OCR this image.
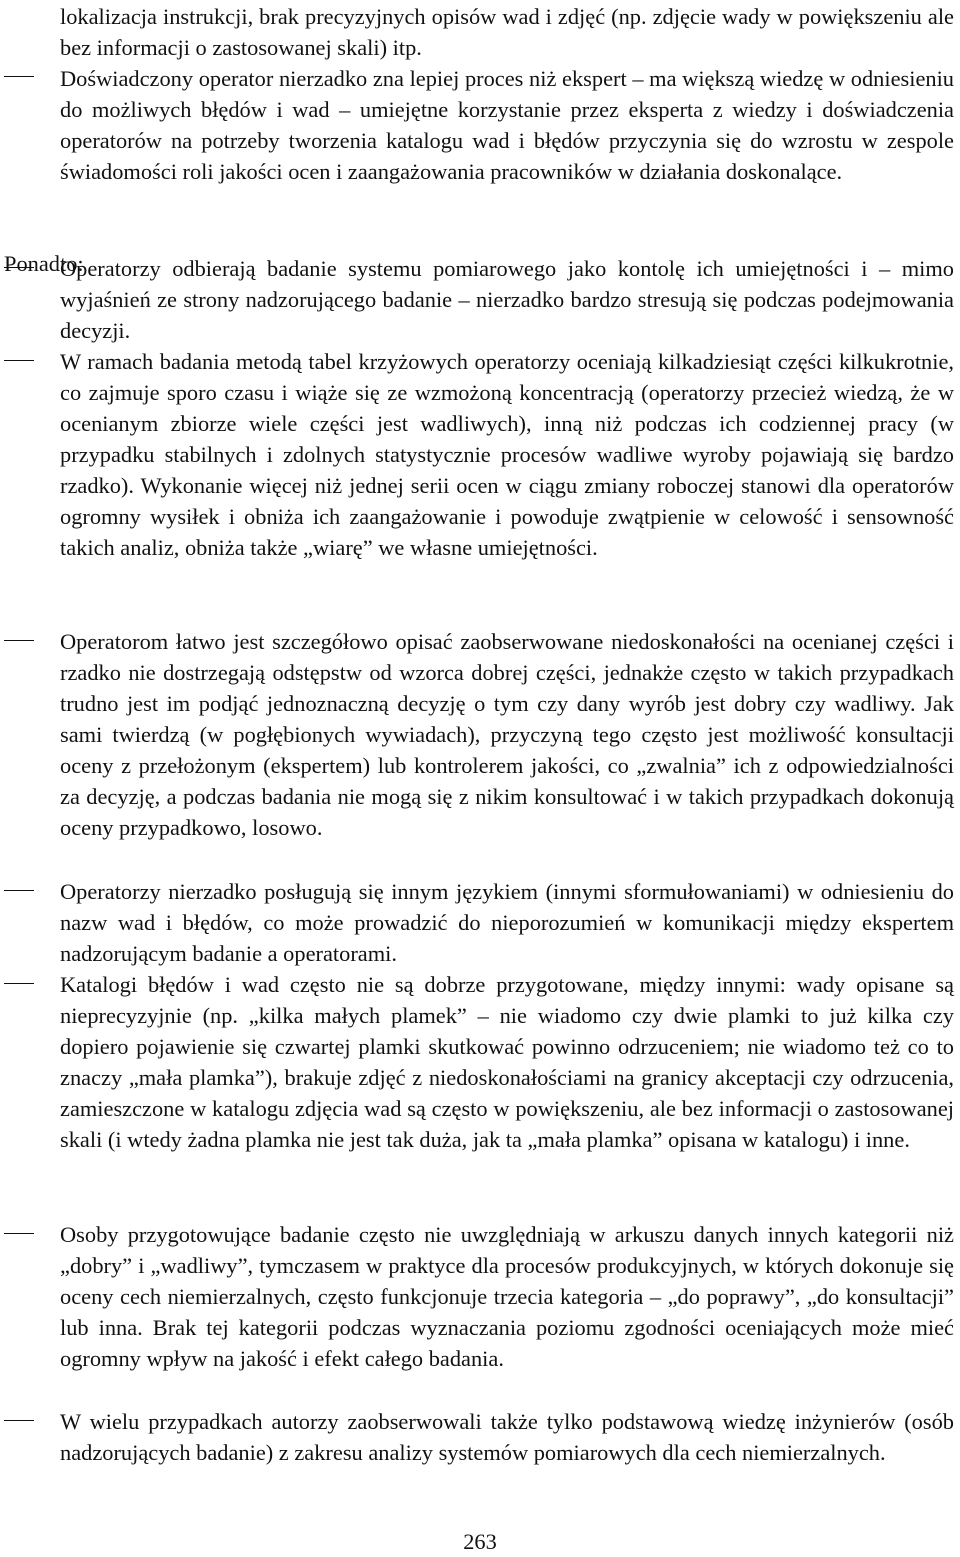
lokalizacja instrukcji, brak precyzyjnych opisów wad i zdjęć (np. zdjęcie wady w powiększeniu ale bez informacji o zastosowanej skali) itp.

Doświadczony operator nierzadko zna lepiej proces niż ekspert – ma większą wiedzę w odniesieniu do możliwych błędów i wad – umiejętne korzystanie przez eksperta z wiedzy i doświadczenia operatorów na potrzeby tworzenia katalogu wad i błędów przyczynia się do wzrostu w zespole świadomości roli jakości ocen i zaangażowania pracowników w działania doskonalące.

Ponadto:

Operatorzy odbierają badanie systemu pomiarowego jako kontolę ich umiejętności i – mimo wyjaśnień ze strony nadzorującego badanie – nierzadko bardzo stresują się podczas podejmowania decyzji.

W ramach badania metodą tabel krzyżowych operatorzy oceniają kilkadziesiąt części kilkukrotnie, co zajmuje sporo czasu i wiąże się ze wzmożoną koncentracją (operatorzy przecież wiedzą, że w ocenianym zbiorze wiele części jest wadliwych), inną niż podczas ich codziennej pracy (w przypadku stabilnych i zdolnych statystycznie procesów wadliwe wyroby pojawiają się bardzo rzadko). Wykonanie więcej niż jednej serii ocen w ciągu zmiany roboczej stanowi dla operatorów ogromny wysiłek i obniża ich zaangażowanie i powoduje zwątpienie w celowość i sensowność takich analiz, obniża także „wiarę” we własne umiejętności.

Operatorom łatwo jest szczegółowo opisać zaobserwowane niedoskonałości na ocenianej części i rzadko nie dostrzegają odstępstw od wzorca dobrej części, jednakże często w takich przypadkach trudno jest im podjąć jednoznaczną decyzję o tym czy dany wyrób jest dobry czy wadliwy. Jak sami twierdzą (w pogłębionych wywiadach), przyczyną tego często jest możliwość konsultacji oceny z przełożonym (ekspertem) lub kontrolerem jakości, co „zwalnia” ich z odpowiedzialności za decyzję, a podczas badania nie mogą się z nikim konsultować i w takich przypadkach dokonują oceny przypadkowo, losowo.

Operatorzy nierzadko posługują się innym językiem (innymi sformułowaniami) w odniesieniu do nazw wad i błędów, co może prowadzić do nieporozumień w komunikacji między ekspertem nadzorującym badanie a operatorami.

Katalogi błędów i wad często nie są dobrze przygotowane, między innymi: wady opisane są nieprecyzyjnie (np. „kilka małych plamek” – nie wiadomo czy dwie plamki to już kilka czy dopiero pojawienie się czwartej plamki skutkować powinno odrzuceniem; nie wiadomo też co to znaczy „mała plamka”), brakuje zdjęć z niedoskonałościami na granicy akceptacji czy odrzucenia, zamieszczone w katalogu zdjęcia wad są często w powiększeniu, ale bez informacji o zastosowanej skali (i wtedy żadna plamka nie jest tak duża, jak ta „mała plamka” opisana w katalogu) i inne.

Osoby przygotowujące badanie często nie uwzględniają w arkuszu danych innych kategorii niż „dobry” i „wadliwy”, tymczasem w praktyce dla procesów produkcyjnych, w których dokonuje się oceny cech niemierzalnych, często funkcjonuje trzecia kategoria – „do poprawy”, „do konsultacji” lub inna. Brak tej kategorii podczas wyznaczania poziomu zgodności oceniających może mieć ogromny wpływ na jakość i efekt całego badania.

W wielu przypadkach autorzy zaobserwowali także tylko podstawową wiedzę inżynierów (osób nadzorujących badanie) z zakresu analizy systemów pomiarowych dla cech niemierzalnych.

263
